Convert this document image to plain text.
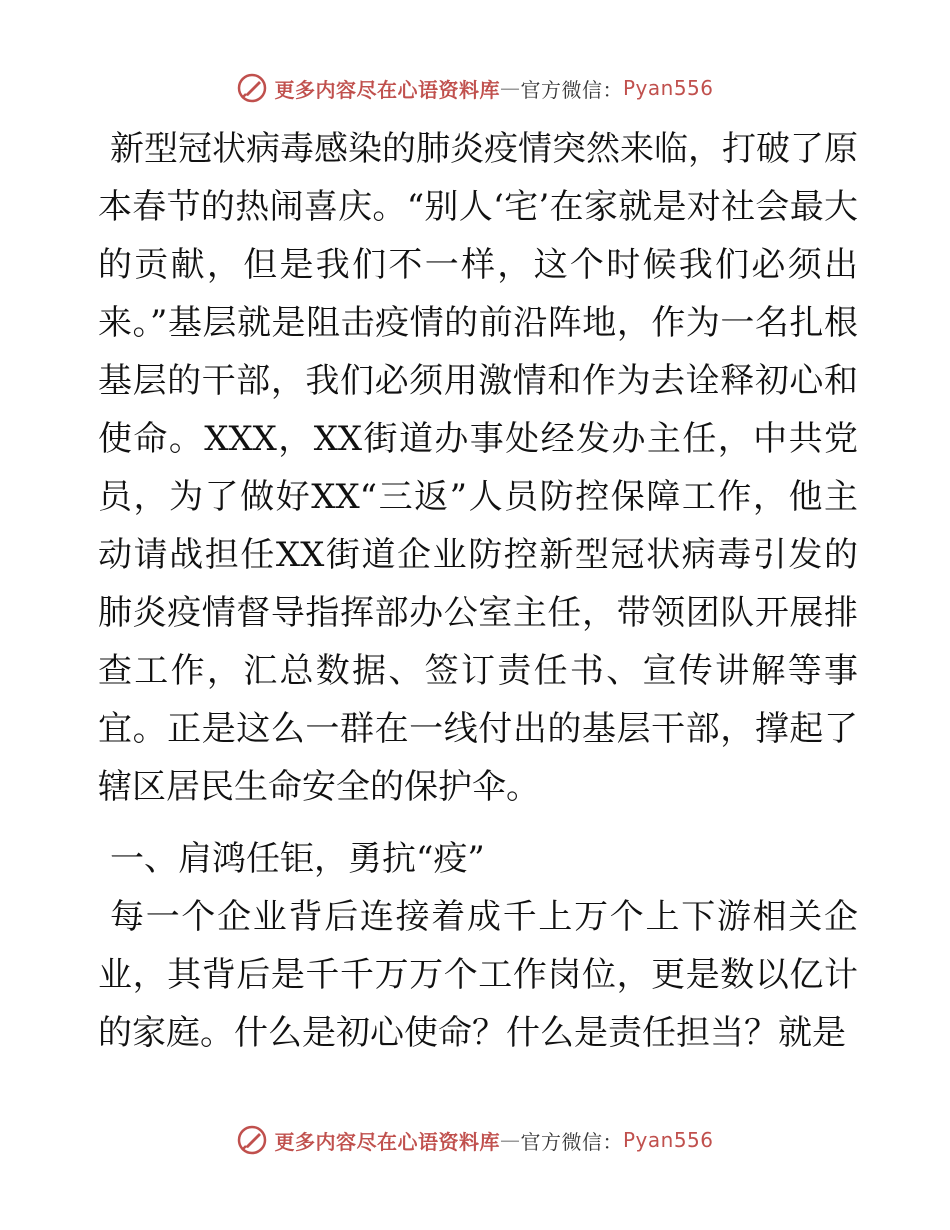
更多内容尽在心语资料库 — 官方微信 ： Pyan556

新型冠状病毒感染的肺炎疫情突然来临，打破了原本春节的热闹喜庆。“别人‘宅’在家就是对社会最大的贡献，但是我们不一样，这个时候我们必须出来。”基层就是阻击疫情的前沿阵地，作为一名扎根基层的干部，我们必须用激情和作为去诠释初心和使命。XXX，XX街道办事处经发办主任，中共党员，为了做好XX“三返”人员防控保障工作，他主动请战担任XX街道企业防控新型冠状病毒引发的肺炎疫情督导指挥部办公室主任，带领团队开展排查工作，汇总数据、签订责任书、宣传讲解等事宜。正是这么一群在一线付出的基层干部，撑起了辖区居民生命安全的保护伞。

一、肩鸿任钜，勇抗“疫”

每一个企业背后连接着成千上万个上下游相关企业，其背后是千千万万个工作岗位，更是数以亿计的家庭。什么是初心使命？什么是责任担当？就是

更多内容尽在心语资料库 — 官方微信 ： Pyan556
